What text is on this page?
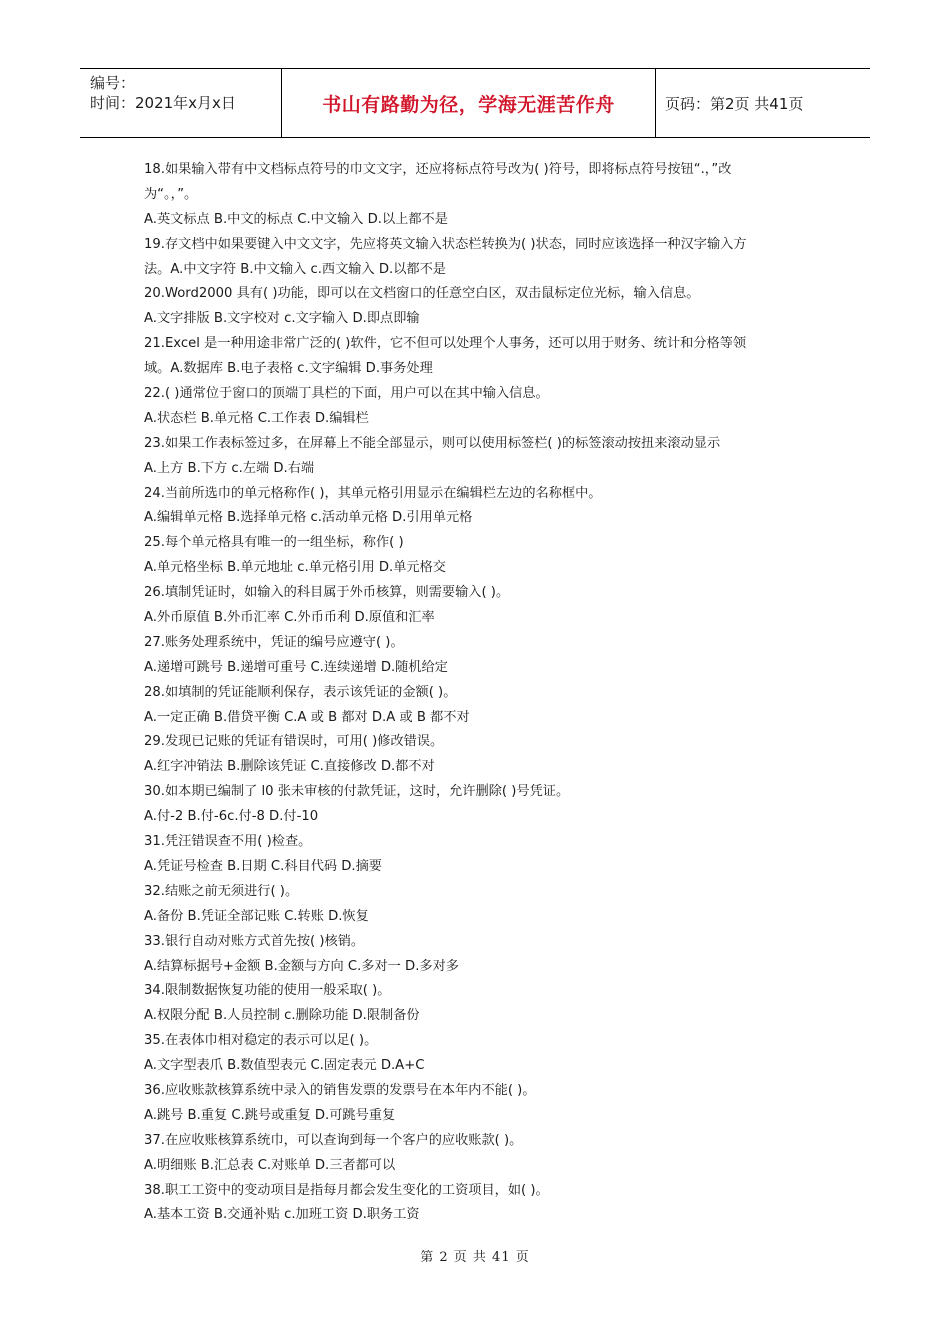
编号：
时间：2021年x月x日	书山有路勤为径，学海无涯苦作舟	页码：第2页 共41页
18.如果输入带有中文档标点符号的巾文文字，还应将标点符号改为( )符号，即将标点符号按钮“.，”改
为“。，”。
A.英文标点 B.中文的标点 C.中文输入 D.以上都不是
19.存文档中如果要键入中文文字，先应将英文输入状态栏转换为( )状态，同时应该选择一种汉字输入方
法。A.中文字符 B.中文输入 c.西文输入 D.以都不是
20.Word2000 具有( )功能，即可以在文档窗口的任意空白区，双击鼠标定位光标，输入信息。
A.文字排版 B.文字校对 c.文字输入 D.即点即输
21.Excel 是一种用途非常广泛的( )软件，它不但可以处理个人事务，还可以用于财务、统计和分格等领
域。A.数据库 B.电子表格 c.文字编辑 D.事务处理
22.( )通常位于窗口的顶端丁具栏的下面，用户可以在其中输入信息。
A.状态栏 B.单元格 C.工作表 D.编辑栏
23.如果工作表标签过多，在屏幕上不能全部显示，则可以使用标签栏( )的标签滚动按扭来滚动显示
A.上方 B.下方 c.左端 D.右端
24.当前所选巾的单元格称作( )，其单元格引用显示在编辑栏左边的名称框中。
A.编辑单元格 B.选择单元格 c.活动单元格 D.引用单元格
25.每个单元格具有唯一的一组坐标，称作( )
A.单元格坐标 B.单元地址 c.单元格引用 D.单元格交
26.填制凭证时，如输入的科目属于外币核算，则需要输入( )。
A.外币原值 B.外币汇率 C.外币币利 D.原值和汇率
27.账务处理系统中，凭证的编号应遵守( )。
A.递增可跳号 B.递增可重号 C.连续递增 D.随机给定
28.如填制的凭证能顺利保存，表示该凭证的金额( )。
A.一定正确 B.借贷平衡 C.A 或 B 都对 D.A 或 B 都不对
29.发现已记账的凭证有错误时，可用( )修改错误。
A.红字冲销法 B.删除该凭证 C.直接修改 D.都不对
30.如本期已编制了 l0 张未审核的付款凭证，这时，允许删除( )号凭证。
A.付-2 B.付-6c.付-8 D.付-10
31.凭汪错误查不用( )检查。
A.凭证号检查 B.日期 C.科目代码 D.摘要
32.结账之前无须进行( )。
A.备份 B.凭证全部记账 C.转账 D.恢复
33.银行自动对账方式首先按( )核销。
A.结算标据号+金额 B.金额与方向 C.多对一 D.多对多
34.限制数据恢复功能的使用一般采取( )。
A.权限分配 B.人员控制 c.删除功能 D.限制备份
35.在表体巾相对稳定的表示可以足( )。
A.文字型表爪 B.数值型表元 C.固定表元 D.A+C
36.应收账款核算系统中录入的销售发票的发票号在本年内不能( )。
A.跳号 B.重复 C.跳号或重复 D.可跳号重复
37.在应收账核算系统巾，可以查询到每一个客户的应收账款( )。
A.明细账 B.汇总表 C.对账单 D.三者都可以
38.职工工资中的变动项目是指每月都会发生变化的工资项目，如( )。
A.基本工资 B.交通补贴 c.加班工资 D.职务工资
第 2 页 共 41 页
